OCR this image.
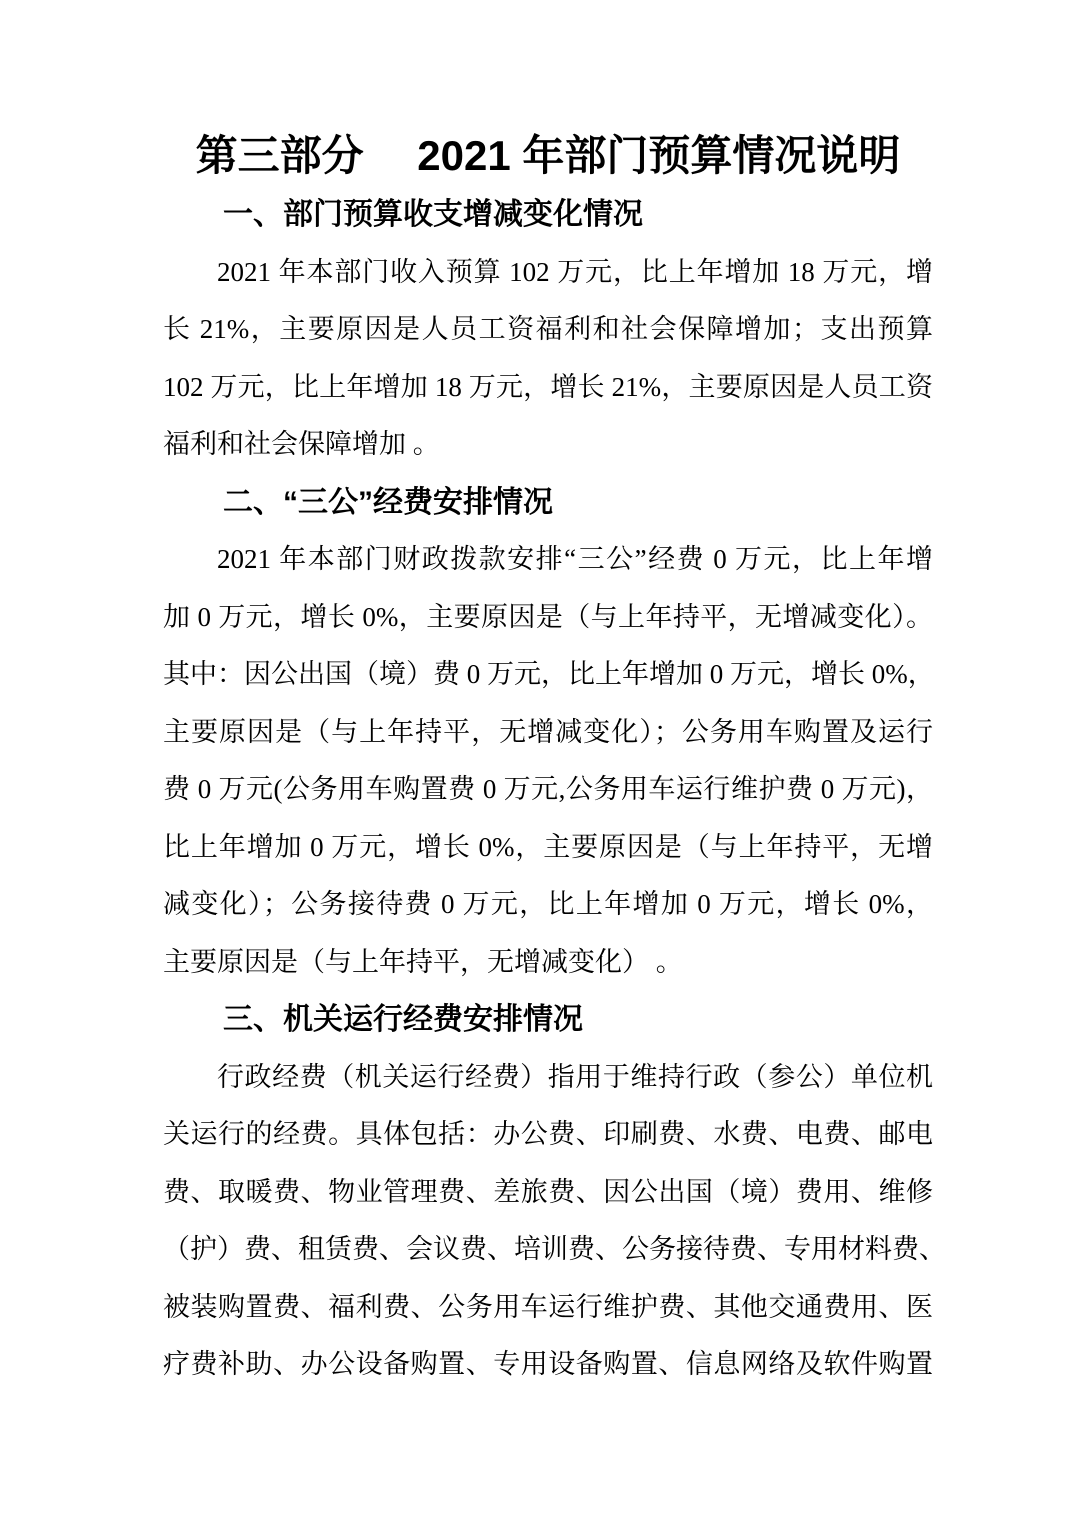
第三部分　 2021 年部门预算情况说明
一、部门预算收支增减变化情况
2021 年本部门收入预算 102 万元，比上年增加 18 万元，增
长 21%，主要原因是人员工资福利和社会保障增加；支出预算
102 万元，比上年增加 18 万元，增长 21%，主要原因是人员工资
福利和社会保障增加 。
二、“三公”经费安排情况
2021 年本部门财政拨款安排“三公”经费 0 万元，比上年增
加 0 万元，增长 0%，主要原因是（与上年持平，无增减变化）。
其中：因公出国（境）费 0 万元，比上年增加 0 万元，增长 0%，
主要原因是（与上年持平，无增减变化）；公务用车购置及运行
费 0 万元(公务用车购置费 0 万元,公务用车运行维护费 0 万元)，
比上年增加 0 万元，增长 0%，主要原因是（与上年持平，无增
减变化）；公务接待费 0 万元，比上年增加 0 万元，增长 0%，
主要原因是（与上年持平，无增减变化） 。
三、机关运行经费安排情况
行政经费（机关运行经费）指用于维持行政（参公）单位机
关运行的经费。具体包括：办公费、印刷费、水费、电费、邮电
费、取暖费、物业管理费、差旅费、因公出国（境）费用、维修
（护）费、租赁费、会议费、培训费、公务接待费、专用材料费、
被装购置费、福利费、公务用车运行维护费、其他交通费用、医
疗费补助、办公设备购置、专用设备购置、信息网络及软件购置
